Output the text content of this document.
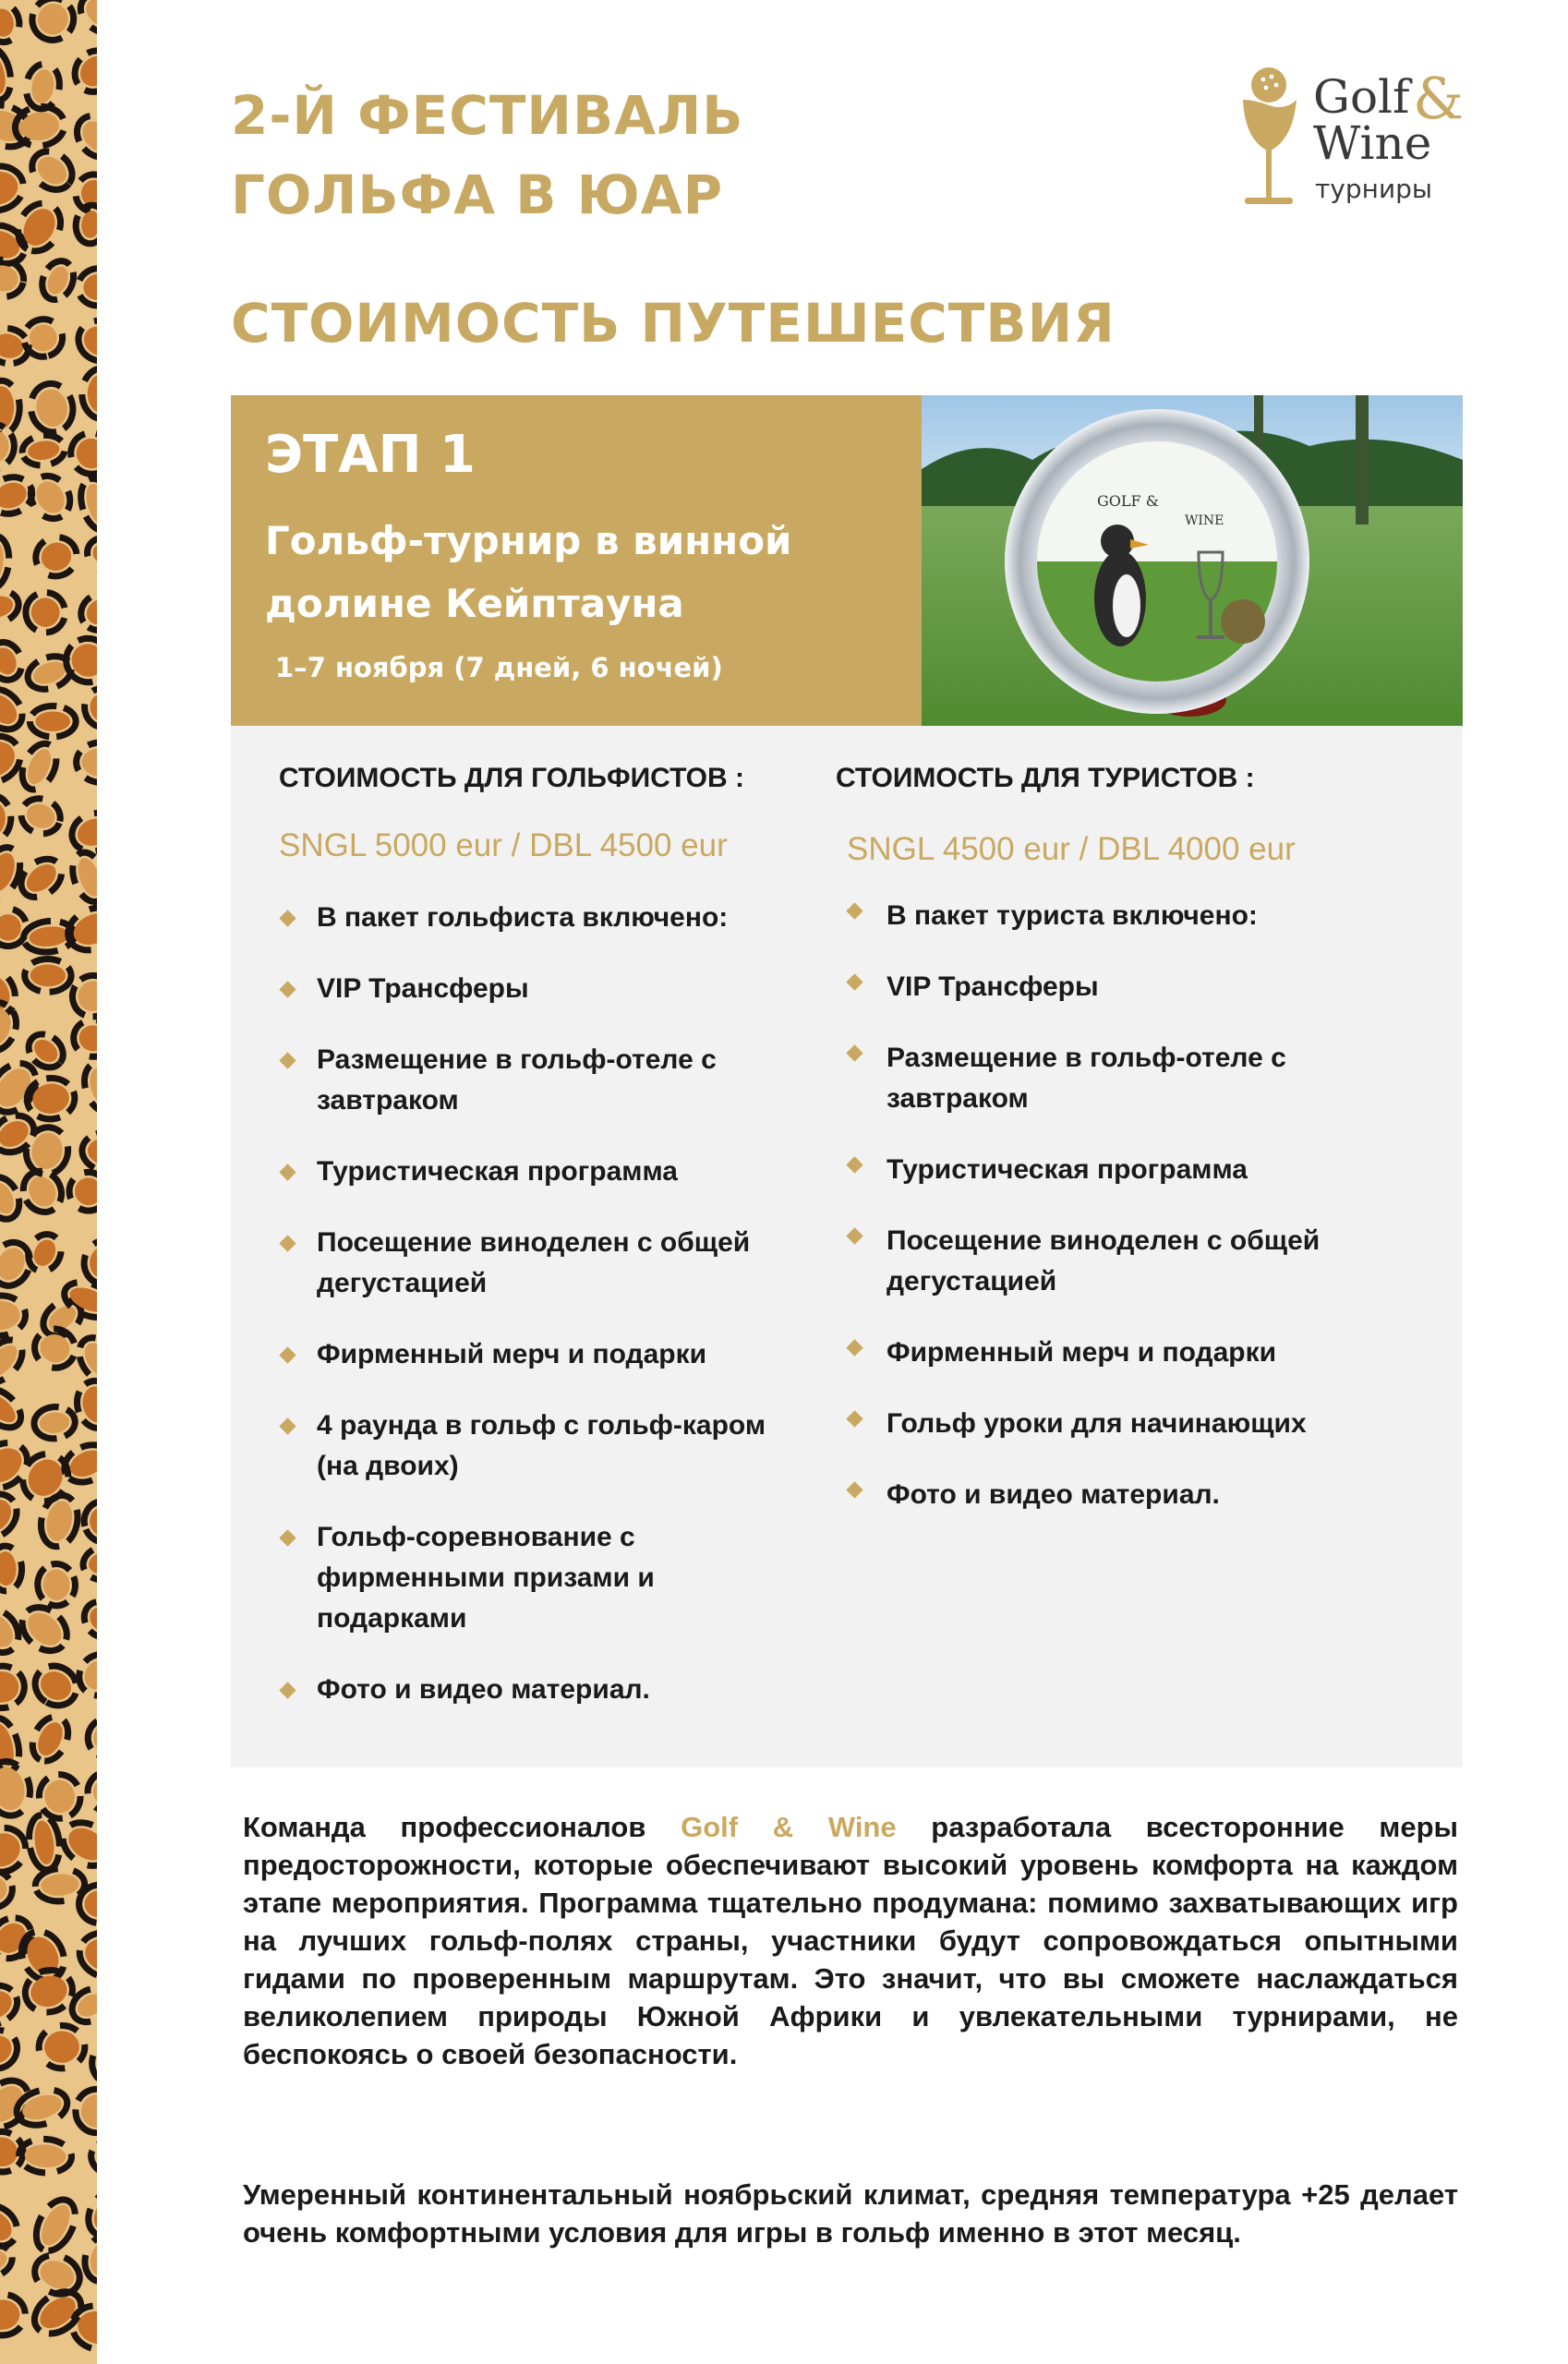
2-Й ФЕСТИВАЛЬ

ГОЛЬФА В ЮАР

СТОИМОСТЬ ПУТЕШЕСТВИЯ

Golf &
Wine
турниры
ЭТАП 1
Гольф-турнир в винной долине Кейптауна
1–7 ноября (7 дней, 6 ночей)
GOLF &
WINE
СТОИМОСТЬ ДЛЯ ГОЛЬФИСТОВ :
SNGL 5000 eur / DBL 4500 eur
В пакет гольфиста включено:
VIP Трансферы
Размещение в гольф-отеле с завтраком
Туристическая программа
Посещение виноделен с общей дегустацией
Фирменный мерч и подарки
4 раунда в гольф с гольф-каром (на двоих)
Гольф-соревнование с фирменными призами и подарками
Фото и видео материал.
СТОИМОСТЬ ДЛЯ ТУРИСТОВ :
SNGL 4500 eur / DBL 4000 eur
В пакет туриста включено:
VIP Трансферы
Размещение в гольф-отеле с завтраком
Туристическая программа
Посещение виноделен с общей дегустацией
Фирменный мерч и подарки
Гольф уроки для начинающих
Фото и видео материал.

Команда профессионалов Golf & Wine разработала всесторонние меры предосторожности, которые обеспечивают высокий уровень комфорта на каждом этапе мероприятия. Программа тщательно продумана: помимо захватывающих игр на лучших гольф-полях страны, участники будут сопровождаться опытными гидами по проверенным маршрутам. Это значит, что вы сможете наслаждаться великолепием природы Южной Африки и увлекательными турнирами, не беспокоясь о своей безопасности.

Умеренный континентальный ноябрьский климат, средняя температура +25 делает очень комфортными условия для игры в гольф именно в этот месяц.
